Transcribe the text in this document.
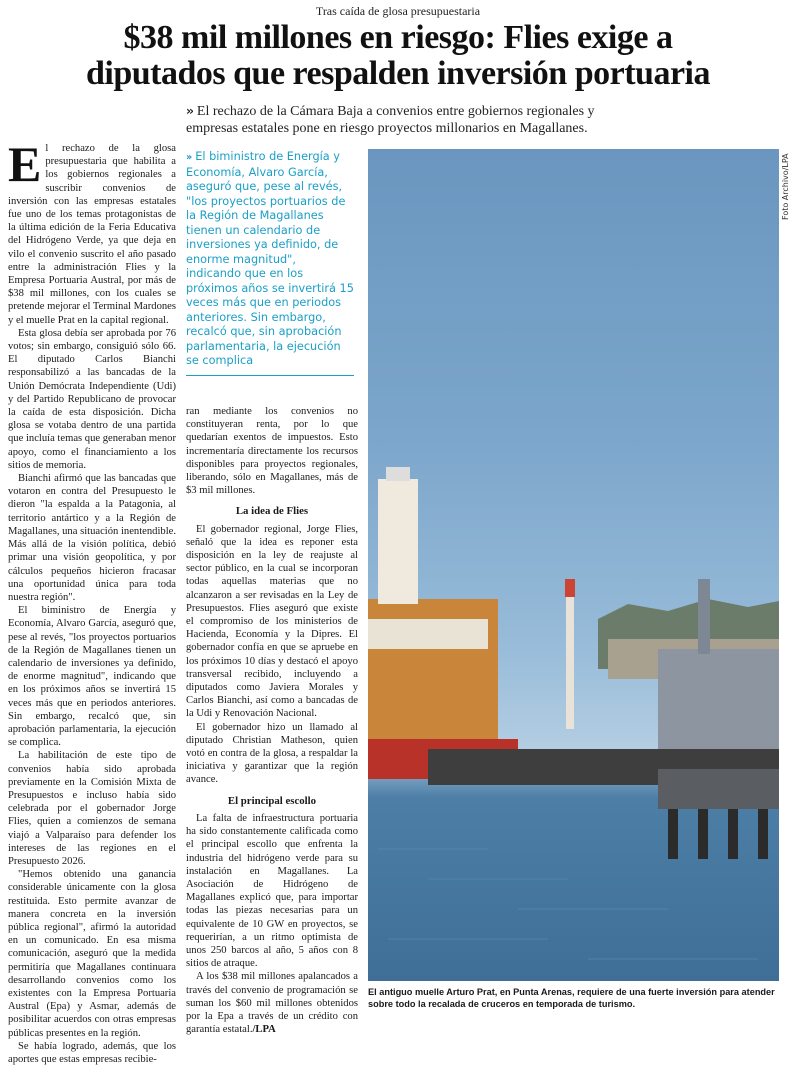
Tras caída de glosa presupuestaria
$38 mil millones en riesgo: Flies exige a
diputados que respalden inversión portuaria
›› El rechazo de la Cámara Baja a convenios entre gobiernos regionales y empresas estatales pone en riesgo proyectos millonarios en Magallanes.
E l rechazo de la glosa presupuestaria que habilita a los gobiernos regionales a suscribir convenios de inversión con las empresas estatales fue uno de los temas protagonistas de la última edición de la Feria Educativa del Hidrógeno Verde, ya que deja en vilo el convenio suscrito el año pasado entre la administración Flies y la Empresa Portuaria Austral, por más de $38 mil millones, con los cuales se pretende mejorar el Terminal Mardones y el muelle Prat en la capital regional.

Esta glosa debía ser aprobada por 76 votos; sin embargo, consiguió sólo 66. El diputado Carlos Bianchi responsabilizó a las bancadas de la Unión Demócrata Independiente (Udi) y del Partido Republicano de provocar la caída de esta disposición. Dicha glosa se votaba dentro de una partida que incluía temas que generaban menor apoyo, como el financiamiento a los sitios de memoria.

Bianchi afirmó que las bancadas que votaron en contra del Presupuesto le dieron "la espalda a la Patagonia, al territorio antártico y a la Región de Magallanes, una situación inentendible. Más allá de la visión política, debió primar una visión geopolítica, y por cálculos pequeños hicieron fracasar una oportunidad única para toda nuestra región".

El biministro de Energía y Economía, Alvaro García, aseguró que, pese al revés, "los proyectos portuarios de la Región de Magallanes tienen un calendario de inversiones ya definido, de enorme magnitud", indicando que en los próximos años se invertirá 15 veces más que en periodos anteriores. Sin embargo, recalcó que, sin aprobación parlamentaria, la ejecución se complica.

La habilitación de este tipo de convenios había sido aprobada previamente en la Comisión Mixta de Presupuestos e incluso había sido celebrada por el gobernador Jorge Flies, quien a comienzos de semana viajó a Valparaíso para defender los intereses de las regiones en el Presupuesto 2026.

"Hemos obtenido una ganancia considerable únicamente con la glosa restituida. Esto permite avanzar de manera concreta en la inversión pública regional", afirmó la autoridad en un comunicado. En esa misma comunicación, aseguró que la medida permitiría que Magallanes continuara desarrollando convenios como los existentes con la Empresa Portuaria Austral (Epa) y Asmar, además de posibilitar acuerdos con otras empresas públicas presentes en la región.

Se había logrado, además, que los aportes que estas empresas recibie-

›› El biministro de Energía y Economía, Alvaro García, aseguró que, pese al revés, "los proyectos portuarios de la Región de Magallanes tienen un calendario de inversiones ya definido, de enorme magnitud", indicando que en los próximos años se invertirá 15 veces más que en periodos anteriores. Sin embargo, recalcó que, sin aprobación parlamentaria, la ejecución se complica

ran mediante los convenios no constituyeran renta, por lo que quedarían exentos de impuestos. Esto incrementaría directamente los recursos disponibles para proyectos regionales, liberando, sólo en Magallanes, más de $3 mil millones.

La idea de Flies

El gobernador regional, Jorge Flies, señaló que la idea es reponer esta disposición en la ley de reajuste al sector público, en la cual se incorporan todas aquellas materias que no alcanzaron a ser revisadas en la Ley de Presupuestos. Flies aseguró que existe el compromiso de los ministerios de Hacienda, Economía y la Dipres. El gobernador confía en que se apruebe en los próximos 10 días y destacó el apoyo transversal recibido, incluyendo a diputados como Javiera Morales y Carlos Bianchi, así como a bancadas de la Udi y Renovación Nacional.

El gobernador hizo un llamado al diputado Christian Matheson, quien votó en contra de la glosa, a respaldar la iniciativa y garantizar que la región avance.

El principal escollo

La falta de infraestructura portuaria ha sido constantemente calificada como el principal escollo que enfrenta la industria del hidrógeno verde para su instalación en Magallanes. La Asociación de Hidrógeno de Magallanes explicó que, para importar todas las piezas necesarias para un equivalente de 10 GW en proyectos, se requerirían, a un ritmo optimista de unos 250 barcos al año, 5 años con 8 sitios de atraque.

A los $38 mil millones apalancados a través del convenio de programación se suman los $60 mil millones obtenidos por la Epa a través de un crédito con garantía estatal./LPA

Foto Archivo/LPA
El antiguo muelle Arturo Prat, en Punta Arenas, requiere de una fuerte inversión para atender sobre todo la recalada de cruceros en temporada de turismo.
